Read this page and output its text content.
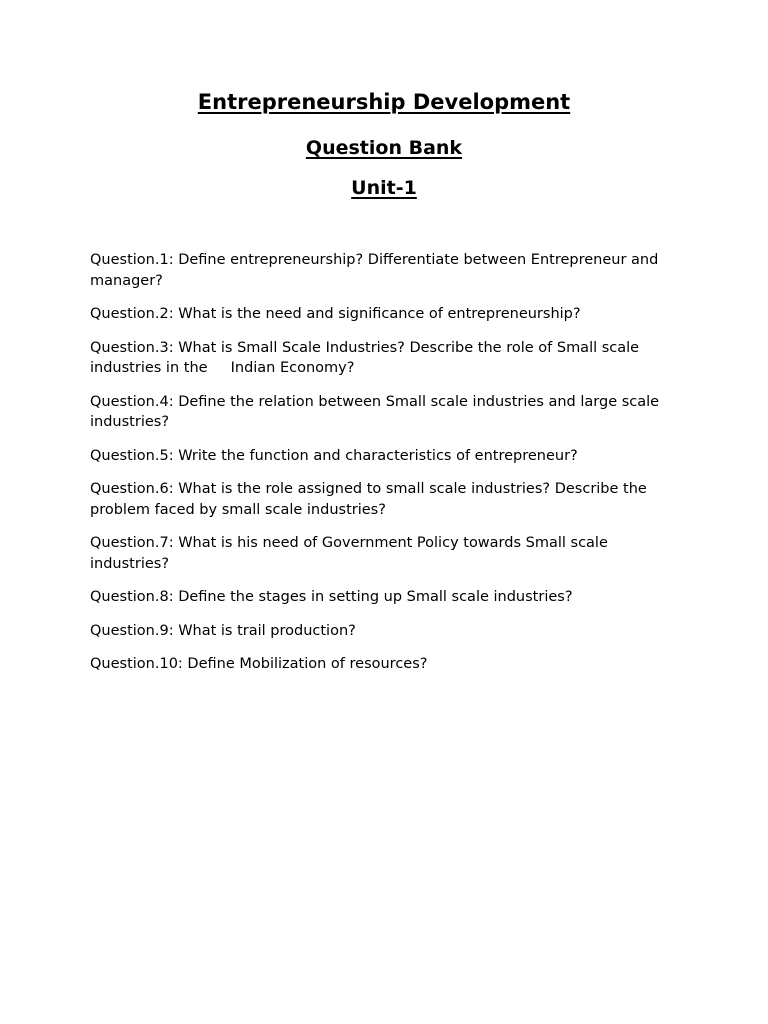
Entrepreneurship Development
Question Bank
Unit-1
Question.1: Define entrepreneurship? Differentiate between Entrepreneur and manager?
Question.2: What is the need and significance of entrepreneurship?
Question.3: What is Small Scale Industries? Describe the role of Small scale industries in the     Indian Economy?
Question.4: Define the relation between Small scale industries and large scale industries?
Question.5: Write the function and characteristics of entrepreneur?
Question.6: What is the role assigned to small scale industries? Describe the problem faced by small scale industries?
Question.7: What is his need of Government Policy towards Small scale industries?
Question.8: Define the stages in setting up Small scale industries?
Question.9: What is trail production?
Question.10: Define Mobilization of resources?
